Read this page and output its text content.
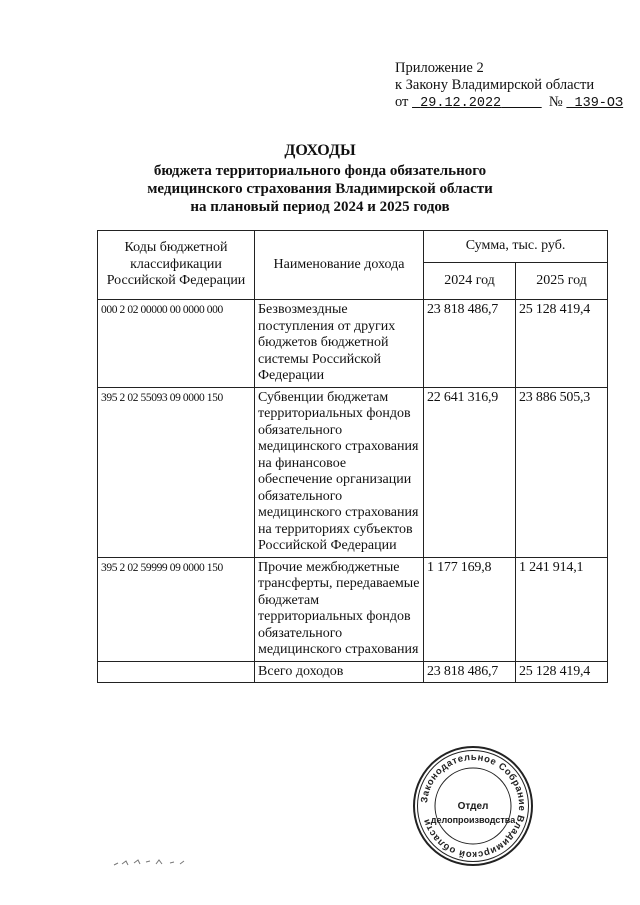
Приложение 2
к Закону Владимирской области
от 29.12.2022	№ 139-ОЗ
ДОХОДЫ
бюджета территориального фонда обязательного
медицинского страхования Владимирской области
на плановый период 2024 и 2025 годов
Коды бюджетной классификации Российской Федерации	Наименование дохода	Сумма, тыс. руб.	
		2024 год	2025 год
000 2 02 00000 00 0000 000	Безвозмездные поступления от других бюджетов бюджетной системы Российской Федерации	23 818 486,7	25 128 419,4
395 2 02 55093 09 0000 150	Субвенции бюджетам территориальных фондов обязательного медицинского страхования на финансовое обеспечение организации обязательного медицинского страхования на территориях субъектов Российской Федерации	22 641 316,9	23 886 505,3
395 2 02 59999 09 0000 150	Прочие межбюджетные трансферты, передаваемые бюджетам территориальных фондов обязательного медицинского страхования	1 177 169,8	1 241 914,1
	Всего доходов	23 818 486,7	25 128 419,4
Законодательное Собрание Владимирской области
Отдел
делопроизводства
